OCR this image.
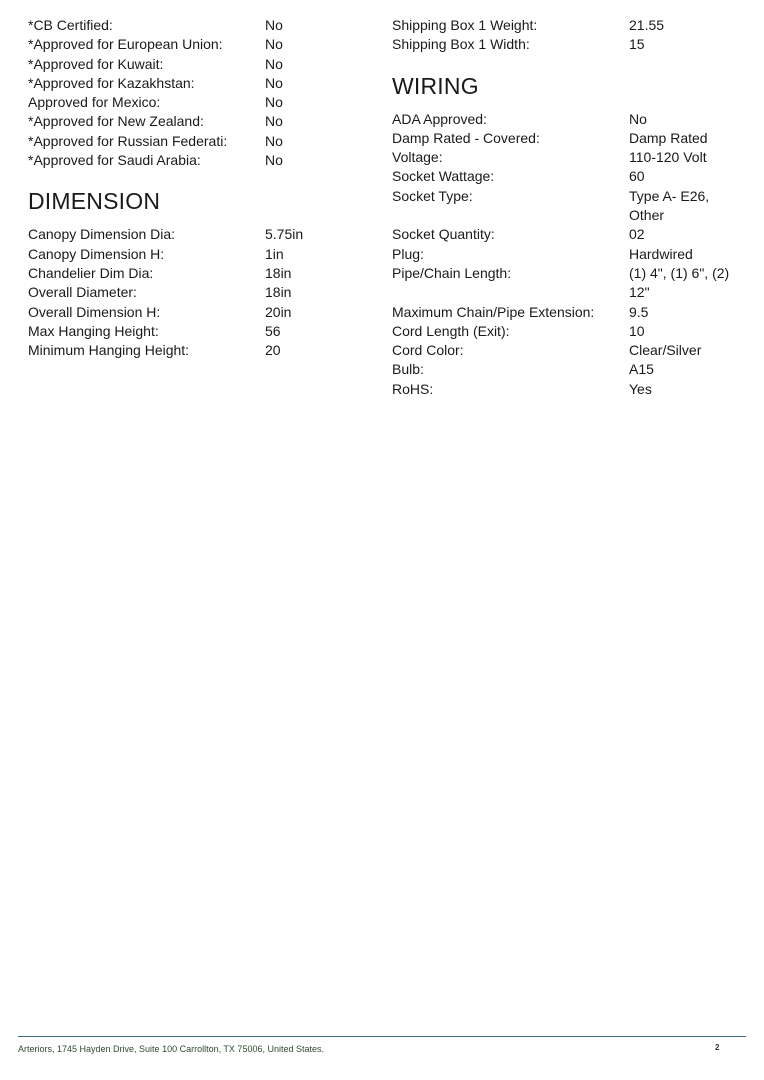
*CB Certified:	No
*Approved for European Union:	No
*Approved for Kuwait:	No
*Approved for Kazakhstan:	No
Approved for Mexico:	No
*Approved for New Zealand:	No
*Approved for Russian Federati:	No
*Approved for Saudi Arabia:	No
DIMENSION
Canopy Dimension Dia:	5.75in
Canopy Dimension H:	1in
Chandelier Dim Dia:	18in
Overall Diameter:	18in
Overall Dimension H:	20in
Max Hanging Height:	56
Minimum Hanging Height:	20
Shipping Box 1 Weight:	21.55
Shipping Box 1 Width:	15
WIRING
ADA Approved:	No
Damp Rated - Covered:	Damp Rated
Voltage:	110-120 Volt
Socket Wattage:	60
Socket Type:	Type A- E26,
Other
Socket Quantity:	02
Plug:	Hardwired
Pipe/Chain Length:	(1) 4", (1) 6", (2)
12"
Maximum Chain/Pipe Extension:	9.5
Cord Length (Exit):	10
Cord Color:	Clear/Silver
Bulb:	A15
RoHS:	Yes
Arteriors, 1745 Hayden Drive, Suite 100 Carrollton, TX 75006, United States.	2
